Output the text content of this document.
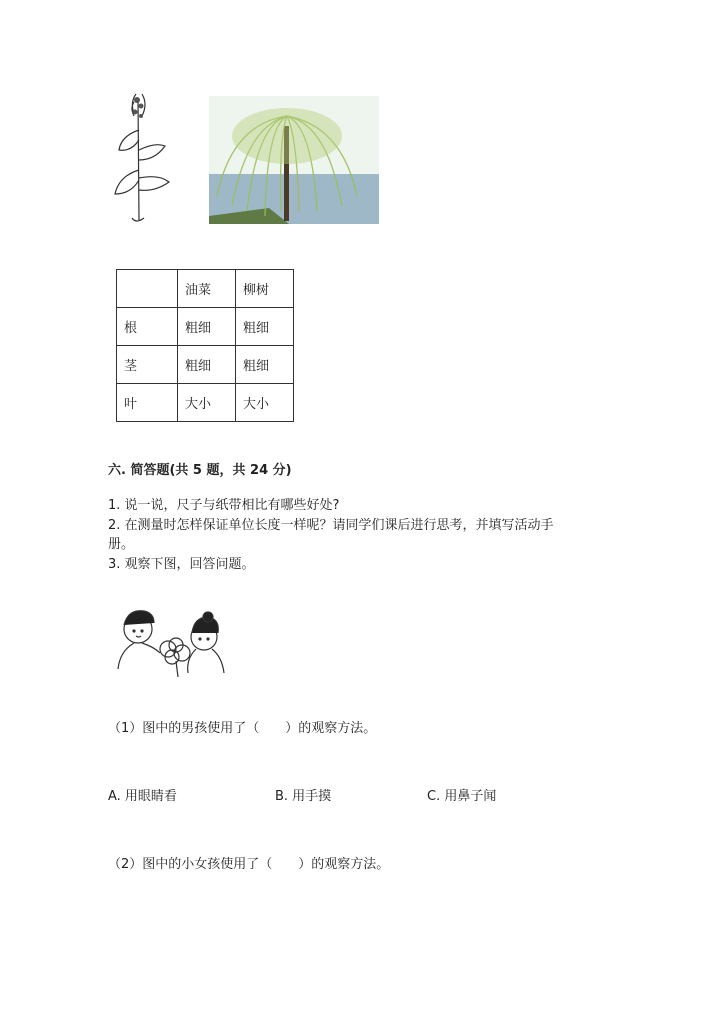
	油菜	柳树
根	粗细	粗细
茎	粗细	粗细
叶	大小	大小
六. 简答题(共 5 题，共 24 分)
1. 说一说，尺子与纸带相比有哪些好处?
2. 在测量时怎样保证单位长度一样呢？请同学们课后进行思考，并填写活动手
册。
3. 观察下图，回答问题。
（1）图中的男孩使用了（　　）的观察方法。
A. 用眼睛看	B. 用手摸	C. 用鼻子闻
（2）图中的小女孩使用了（　　）的观察方法。
